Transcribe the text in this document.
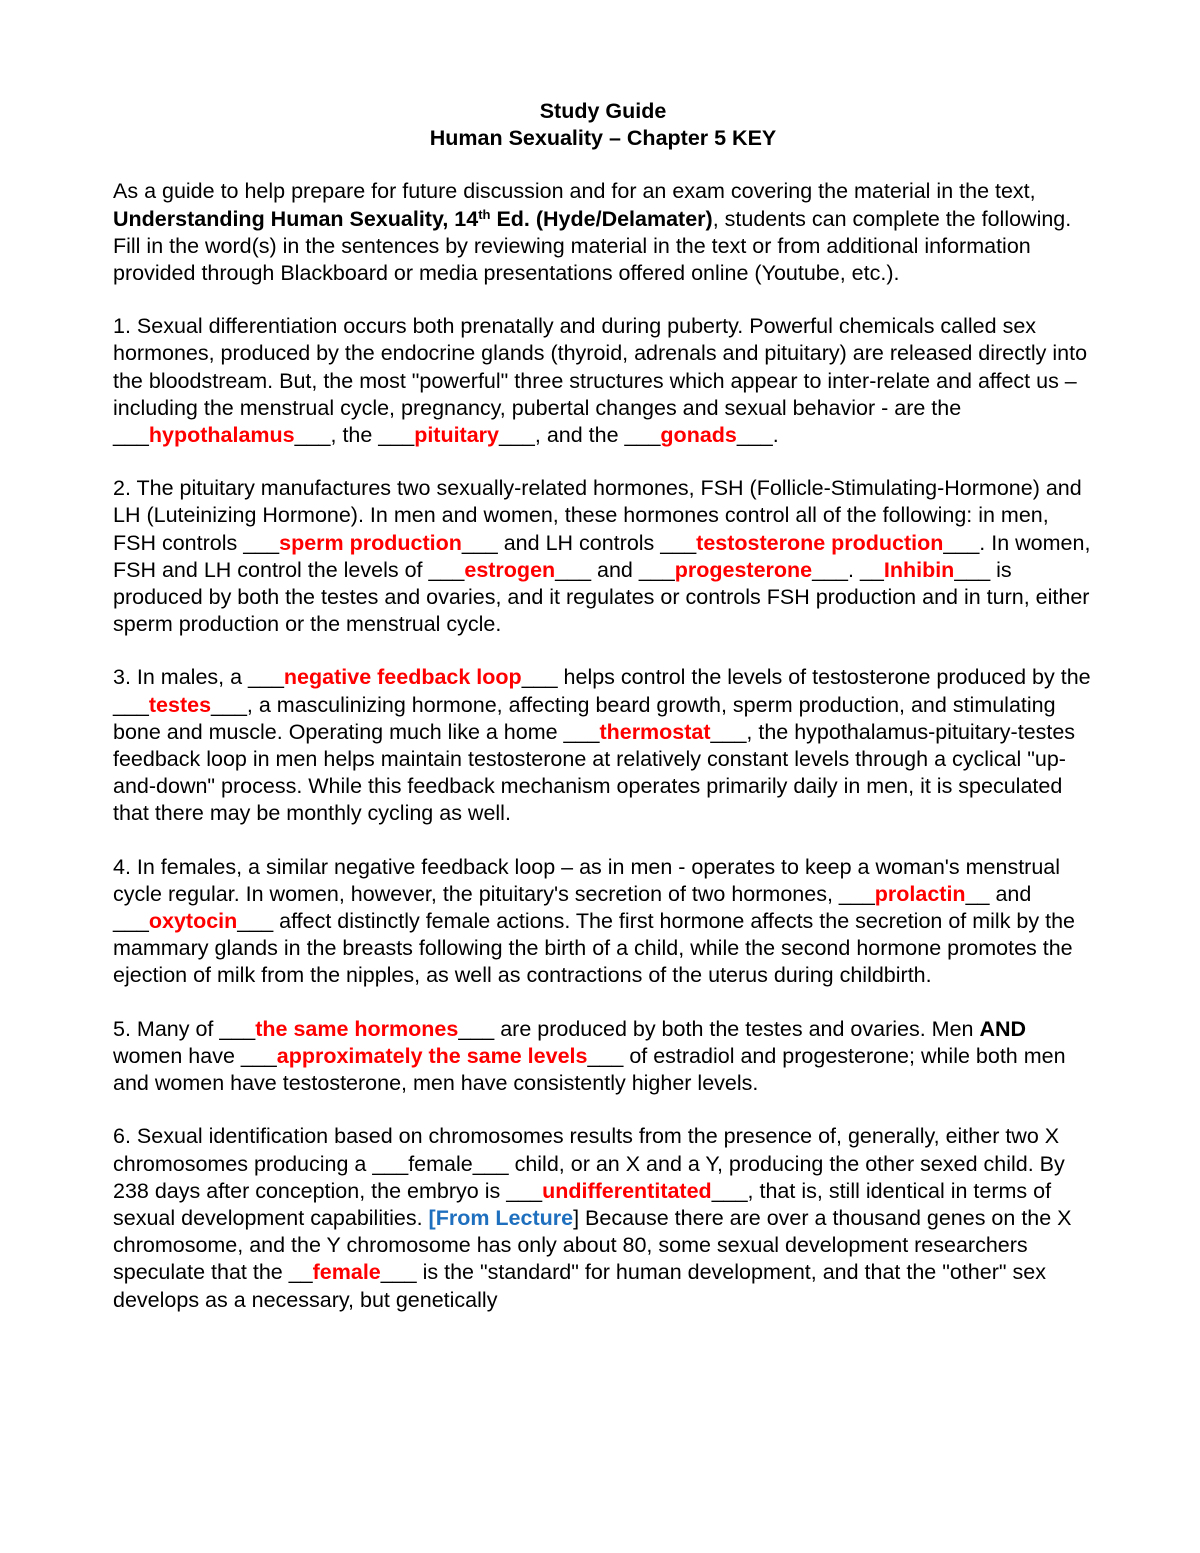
Study Guide
Human Sexuality – Chapter 5 KEY

As a guide to help prepare for future discussion and for an exam covering the material in the text, Understanding Human Sexuality, 14th Ed. (Hyde/Delamater), students can complete the following. Fill in the word(s) in the sentences by reviewing material in the text or from additional information provided through Blackboard or media presentations offered online (Youtube, etc.).

1. Sexual differentiation occurs both prenatally and during puberty. Powerful chemicals called sex hormones, produced by the endocrine glands (thyroid, adrenals and pituitary) are released directly into the bloodstream. But, the most "powerful" three structures which appear to inter-relate and affect us – including the menstrual cycle, pregnancy, pubertal changes and sexual behavior - are the ___hypothalamus___, the ___pituitary___, and the ___gonads___.

2. The pituitary manufactures two sexually-related hormones, FSH (Follicle-Stimulating-Hormone) and LH (Luteinizing Hormone). In men and women, these hormones control all of the following: in men, FSH controls ___sperm production___ and LH controls ___testosterone production___. In women, FSH and LH control the levels of ___estrogen___ and ___progesterone___. __Inhibin___ is produced by both the testes and ovaries, and it regulates or controls FSH production and in turn, either sperm production or the menstrual cycle.

3. In males, a ___negative feedback loop___ helps control the levels of testosterone produced by the ___testes___, a masculinizing hormone, affecting beard growth, sperm production, and stimulating bone and muscle. Operating much like a home ___thermostat___, the hypothalamus-pituitary-testes feedback loop in men helps maintain testosterone at relatively constant levels through a cyclical "up-and-down" process. While this feedback mechanism operates primarily daily in men, it is speculated that there may be monthly cycling as well.

4. In females, a similar negative feedback loop – as in men - operates to keep a woman's menstrual cycle regular. In women, however, the pituitary's secretion of two hormones, ___prolactin__ and ___oxytocin___ affect distinctly female actions. The first hormone affects the secretion of milk by the mammary glands in the breasts following the birth of a child, while the second hormone promotes the ejection of milk from the nipples, as well as contractions of the uterus during childbirth.

5. Many of ___the same hormones___ are produced by both the testes and ovaries. Men AND women have ___approximately the same levels___ of estradiol and progesterone; while both men and women have testosterone, men have consistently higher levels.

6. Sexual identification based on chromosomes results from the presence of, generally, either two X chromosomes producing a ___female___ child, or an X and a Y, producing the other sexed child. By 238 days after conception, the embryo is ___undifferentitated___, that is, still identical in terms of sexual development capabilities. [From Lecture] Because there are over a thousand genes on the X chromosome, and the Y chromosome has only about 80, some sexual development researchers speculate that the __female___ is the "standard" for human development, and that the "other" sex develops as a necessary, but genetically
